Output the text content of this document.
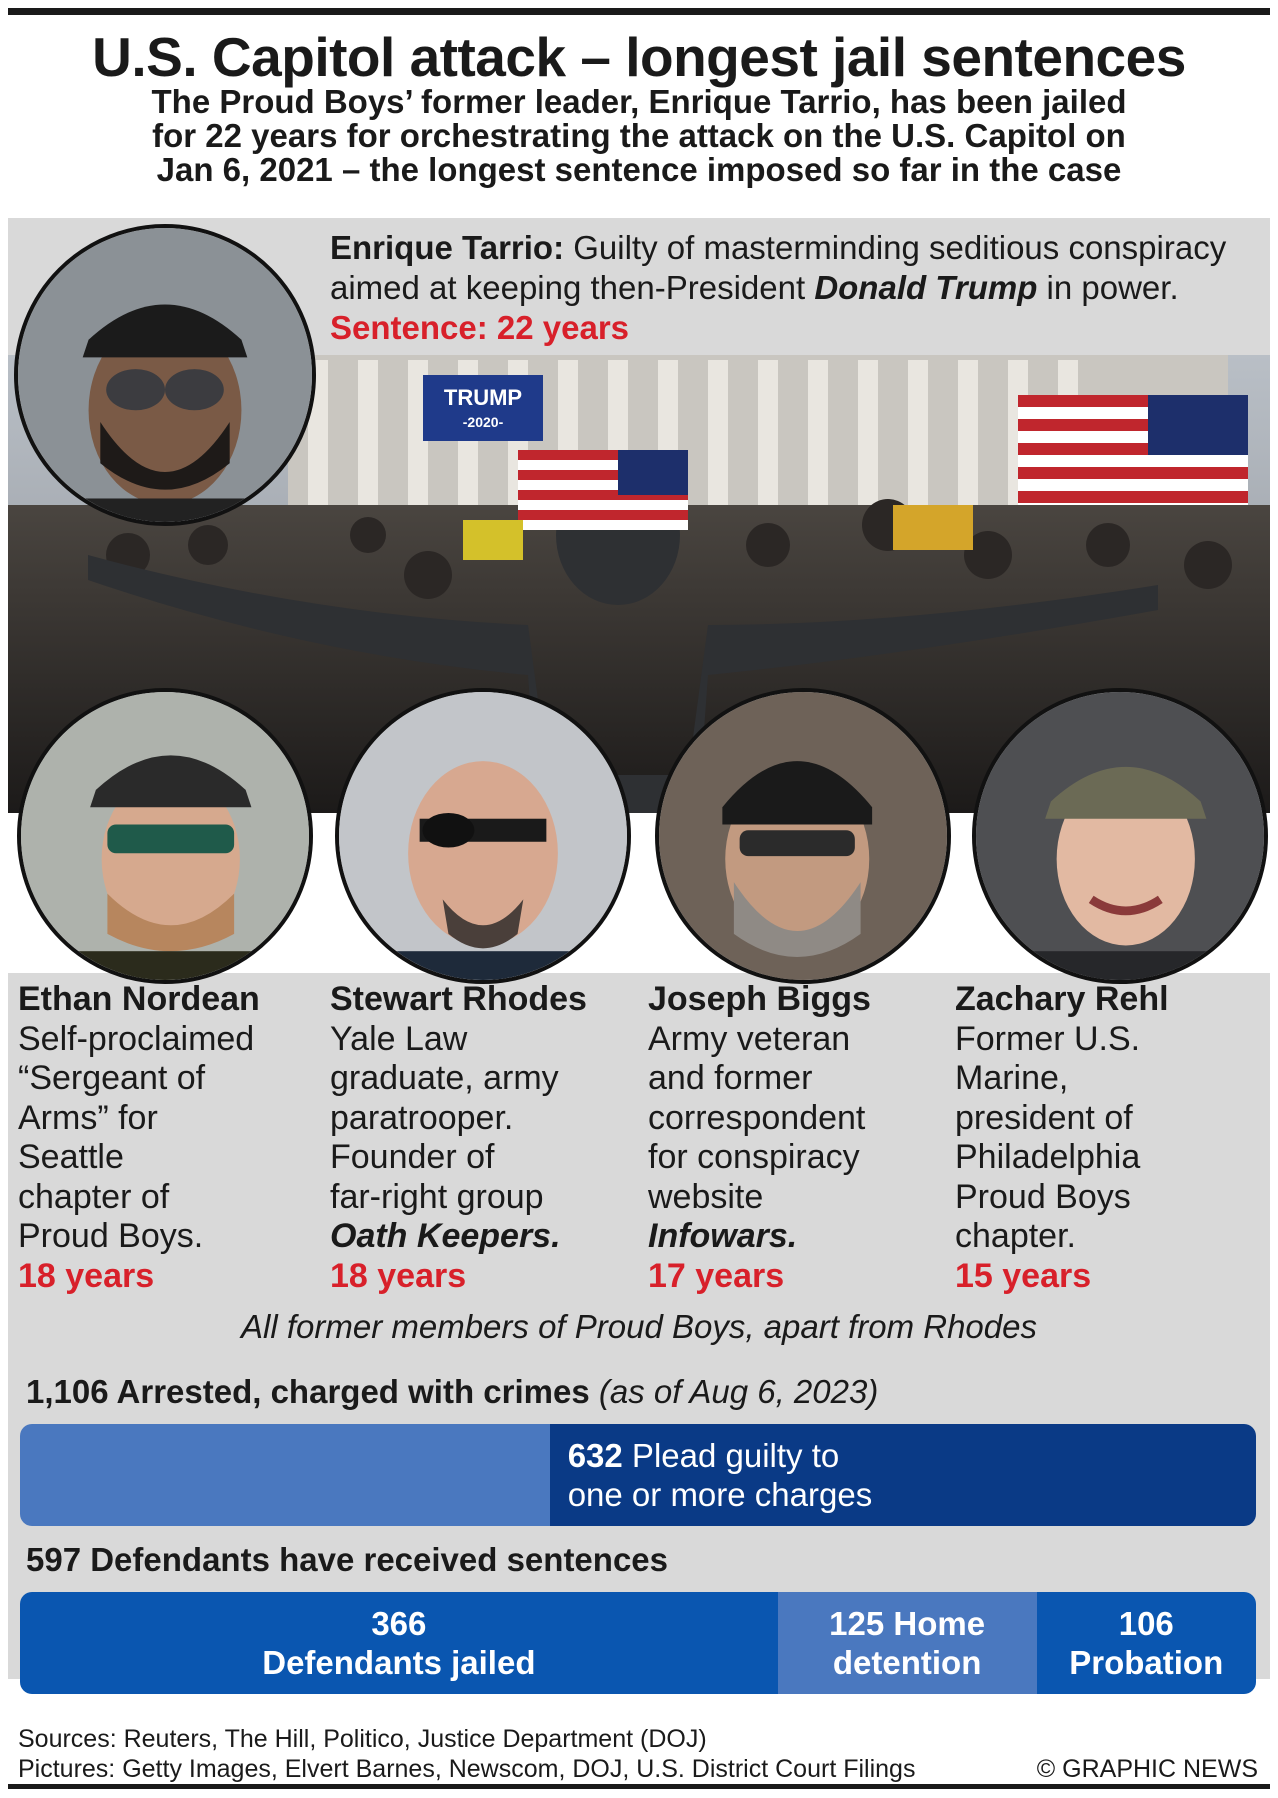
U.S. Capitol attack – longest jail sentences
The Proud Boys’ former leader, Enrique Tarrio, has been jailed
for 22 years for orchestrating the attack on the U.S. Capitol on
Jan 6, 2021 – the longest sentence imposed so far in the case
TRUMP
-2020-
Enrique Tarrio: Guilty of masterminding seditious conspiracy aimed at keeping then-President Donald Trump in power. Sentence: 22 years
Ethan Nordean
Self-proclaimed
“Sergeant of
Arms” for
Seattle
chapter of
Proud Boys.
18 years
Stewart Rhodes
Yale Law
graduate, army
paratrooper.
Founder of
far-right group
Oath Keepers.
18 years
Joseph Biggs
Army veteran
and former
correspondent
for conspiracy
website
Infowars.
17 years
Zachary Rehl
Former U.S.
Marine,
president of
Philadelphia
Proud Boys
chapter.
15 years
All former members of Proud Boys, apart from Rhodes
1,106 Arrested, charged with crimes (as of Aug 6, 2023)
632 Plead guilty to
one or more charges
597 Defendants have received sentences
366
Defendants jailed
125 Home
detention
106
Probation
Sources: Reuters, The Hill, Politico, Justice Department (DOJ)
Pictures: Getty Images, Elvert Barnes, Newscom, DOJ, U.S. District Court Filings	© GRAPHIC NEWS
